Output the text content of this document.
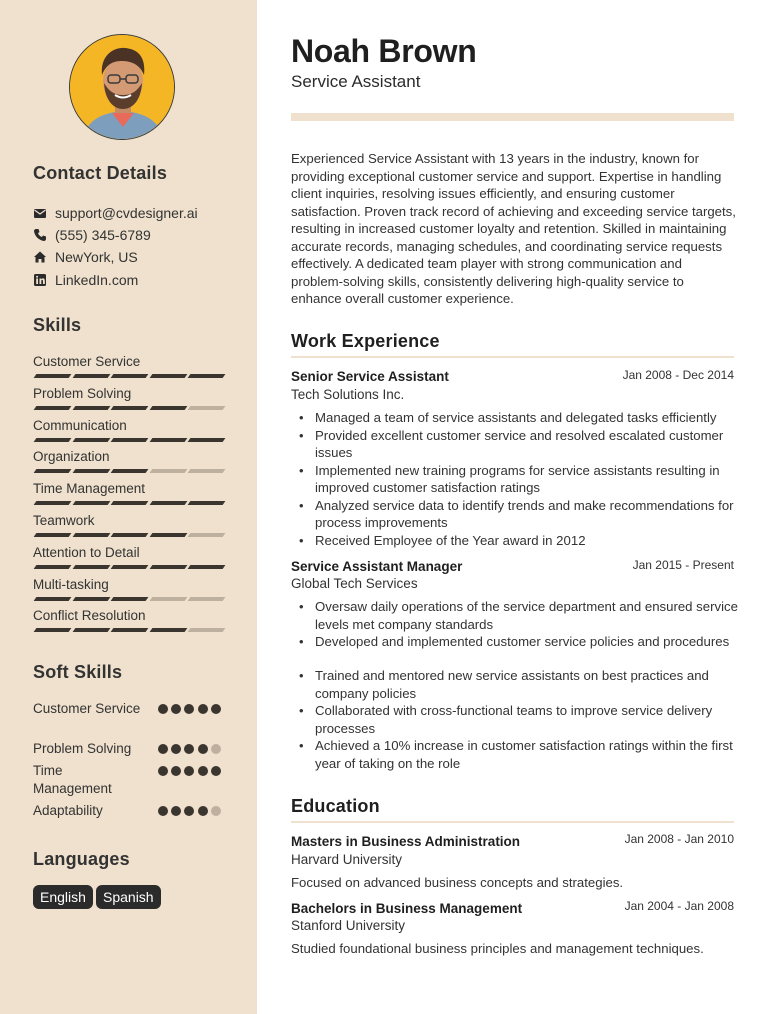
Contact Details
support@cvdesigner.ai
(555) 345-6789
NewYork, US
LinkedIn.com
Skills
Customer Service
Problem Solving
Communication
Organization
Time Management
Teamwork
Attention to Detail
Multi-tasking
Conflict Resolution
Soft Skills
Customer Service
Problem Solving
Time Management
Adaptability
Languages
English	Spanish
Noah Brown
Service Assistant
Experienced Service Assistant with 13 years in the industry, known for providing exceptional customer service and support. Expertise in handling client inquiries, resolving issues efficiently, and ensuring customer satisfaction. Proven track record of achieving and exceeding service targets, resulting in increased customer loyalty and retention. Skilled in maintaining accurate records, managing schedules, and coordinating service requests effectively. A dedicated team player with strong communication and problem-solving skills, consistently delivering high-quality service to enhance overall customer experience.
Work Experience
Senior Service Assistant	Jan 2008 - Dec 2014
Tech Solutions Inc.
• Managed a team of service assistants and delegated tasks efficiently
• Provided excellent customer service and resolved escalated customer issues
• Implemented new training programs for service assistants resulting in improved customer satisfaction ratings
• Analyzed service data to identify trends and make recommendations for process improvements
• Received Employee of the Year award in 2012
Service Assistant Manager	Jan 2015 - Present
Global Tech Services
• Oversaw daily operations of the service department and ensured service levels met company standards
• Developed and implemented customer service policies and procedures
• Trained and mentored new service assistants on best practices and company policies
• Collaborated with cross-functional teams to improve service delivery processes
• Achieved a 10% increase in customer satisfaction ratings within the first year of taking on the role
Education
Masters in Business Administration	Jan 2008 - Jan 2010
Harvard University
Focused on advanced business concepts and strategies.
Bachelors in Business Management	Jan 2004 - Jan 2008
Stanford University
Studied foundational business principles and management techniques.
